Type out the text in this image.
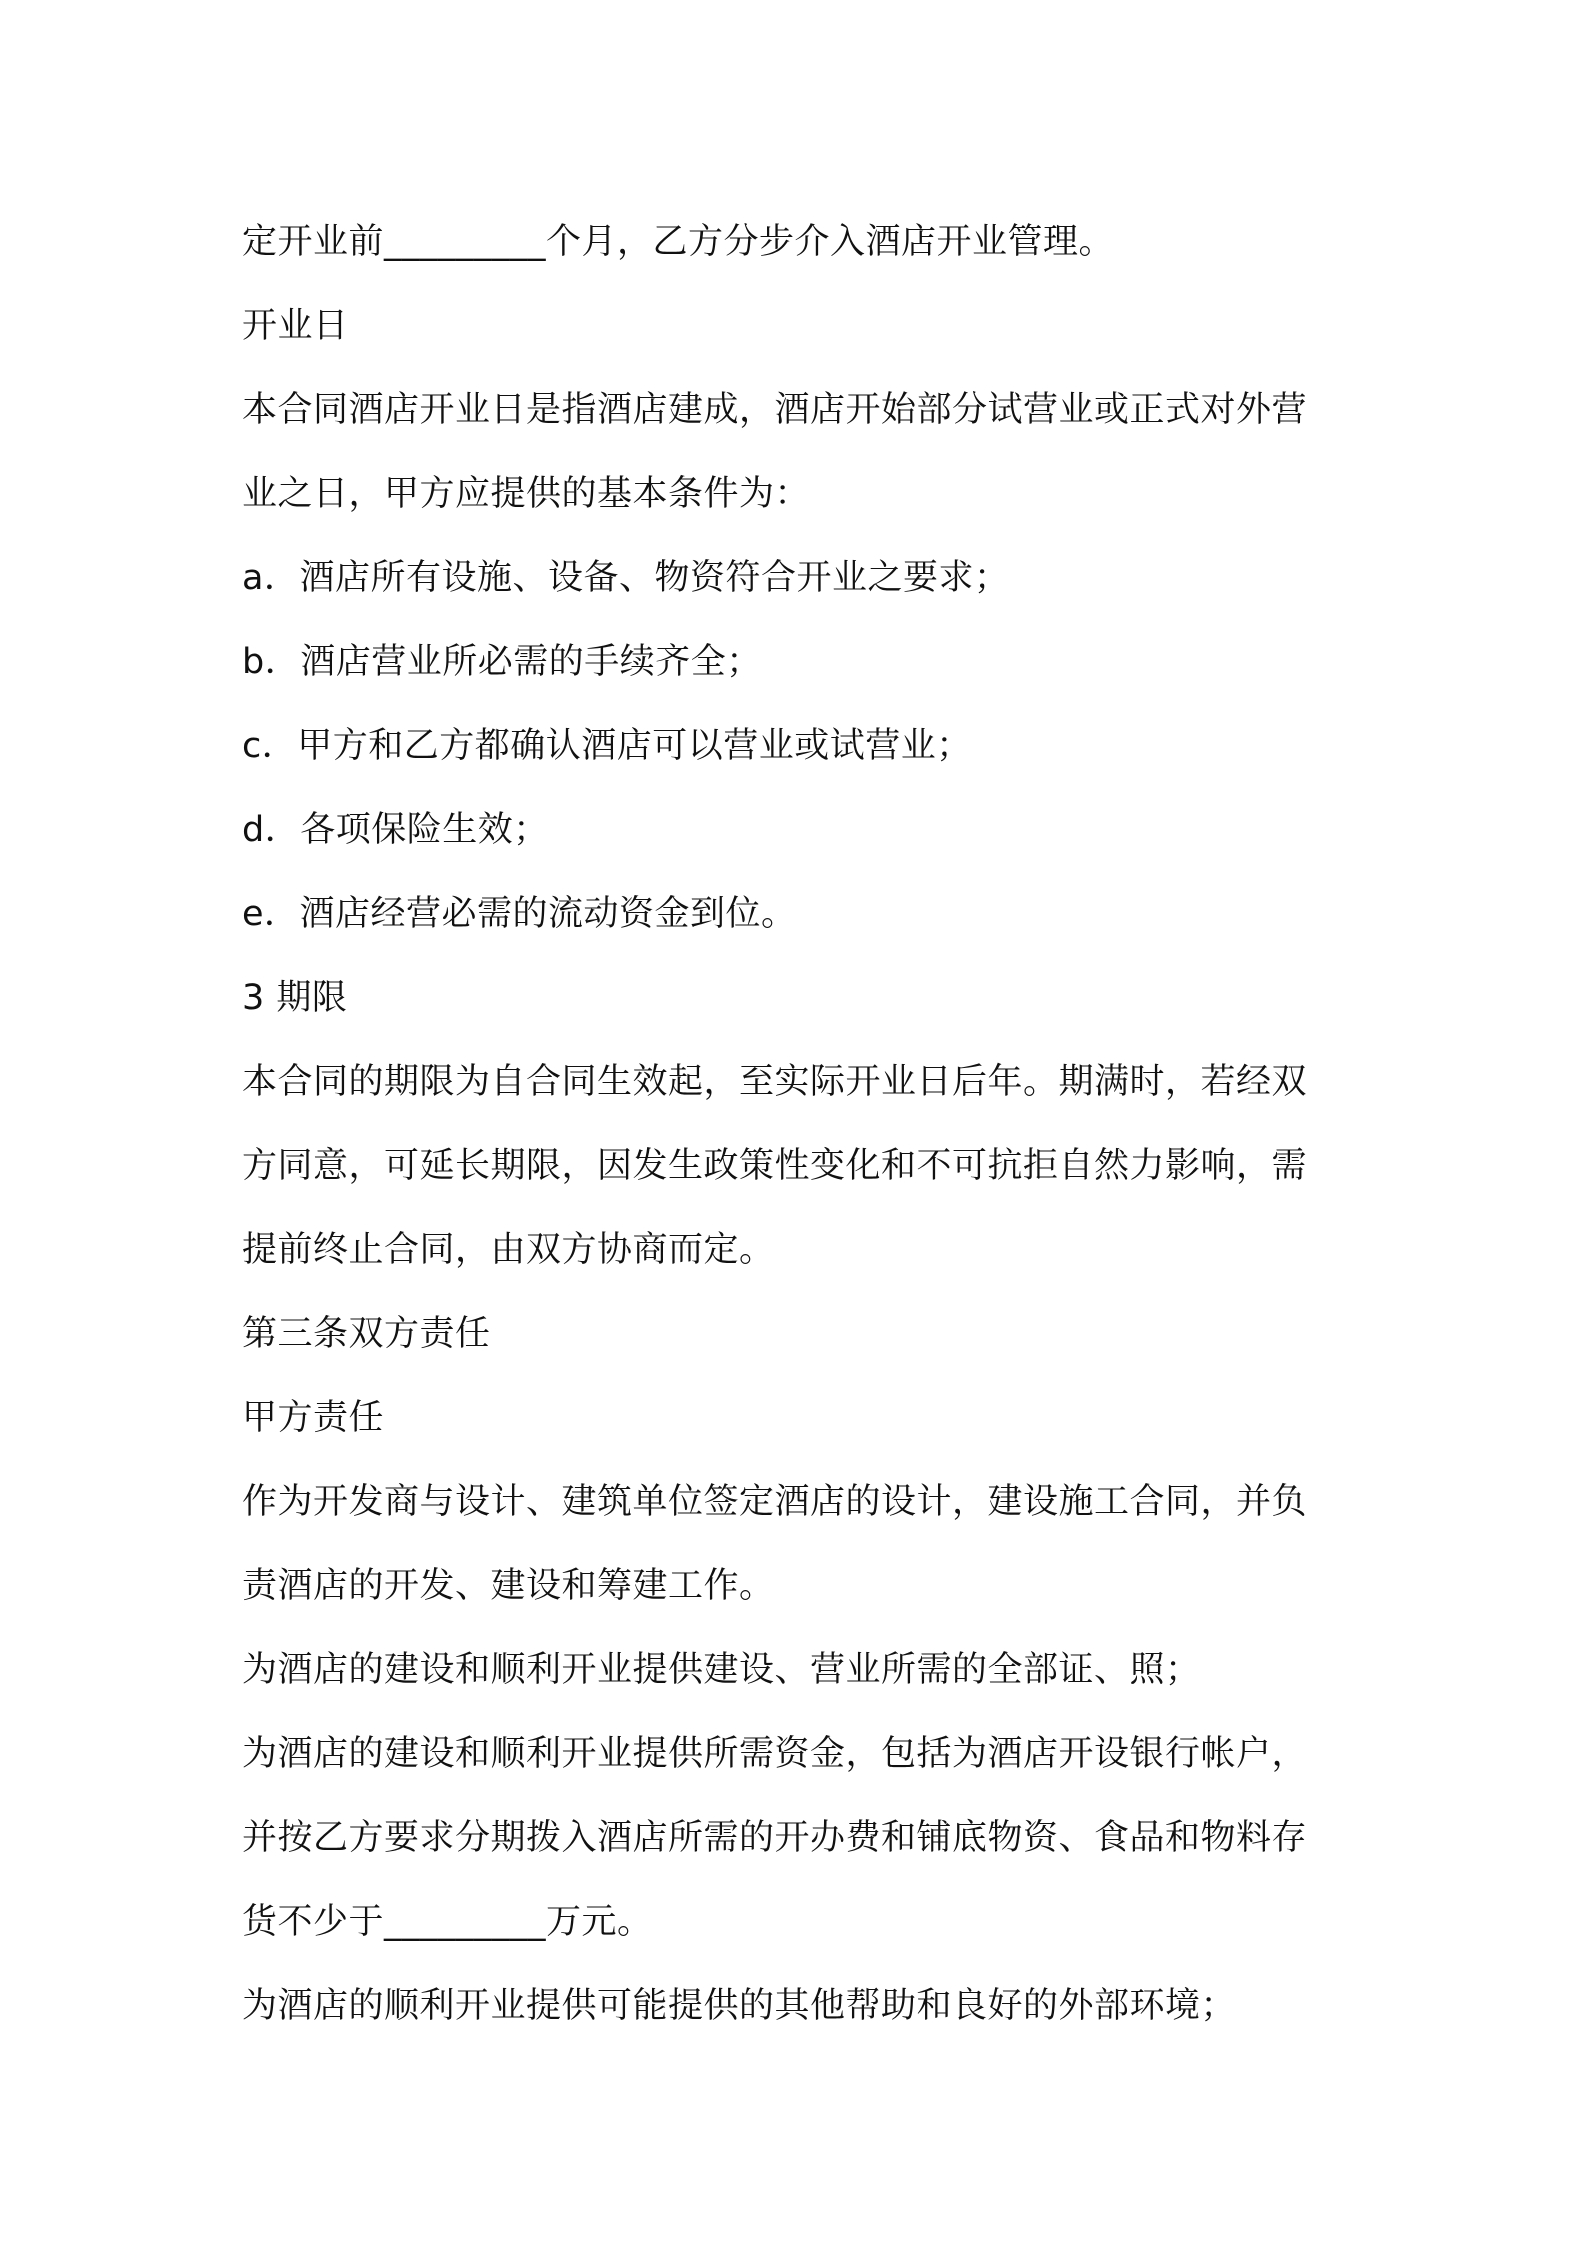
定开业前_________个月，乙方分步介入酒店开业管理。
开业日
本合同酒店开业日是指酒店建成，酒店开始部分试营业或正式对外营
业之日，甲方应提供的基本条件为：
a．酒店所有设施、设备、物资符合开业之要求；
b．酒店营业所必需的手续齐全；
c．甲方和乙方都确认酒店可以营业或试营业；
d．各项保险生效；
e．酒店经营必需的流动资金到位。
3 期限
本合同的期限为自合同生效起，至实际开业日后年。期满时，若经双
方同意，可延长期限，因发生政策性变化和不可抗拒自然力影响，需
提前终止合同，由双方协商而定。
第三条双方责任
甲方责任
作为开发商与设计、建筑单位签定酒店的设计，建设施工合同，并负
责酒店的开发、建设和筹建工作。
为酒店的建设和顺利开业提供建设、营业所需的全部证、照；
为酒店的建设和顺利开业提供所需资金，包括为酒店开设银行帐户，
并按乙方要求分期拨入酒店所需的开办费和铺底物资、食品和物料存
货不少于_________万元。
为酒店的顺利开业提供可能提供的其他帮助和良好的外部环境；
